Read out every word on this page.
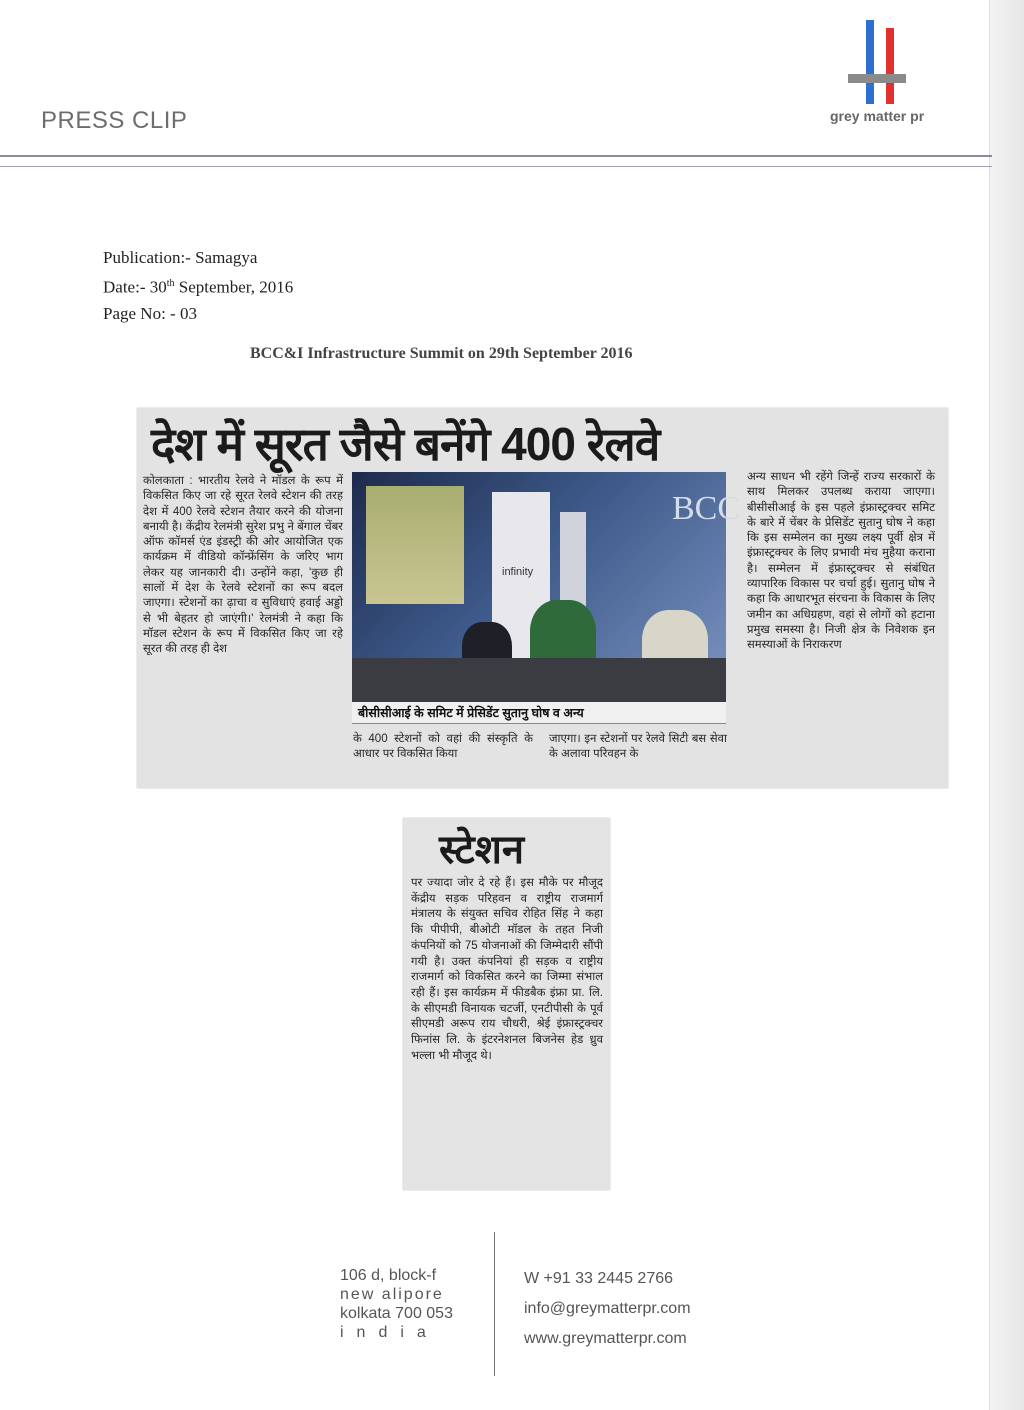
PRESS CLIP	grey matter pr
Publication:- Samagya
Date:- 30th September, 2016
Page No: - 03
BCC&I Infrastructure Summit on 29th September 2016
देश में सूरत जैसे बनेंगे 400 रेलवे
कोलकाता : भारतीय रेलवे ने मॉडल के रूप में विकसित किए जा रहे सूरत रेलवे स्टेशन की तरह देश में 400 रेलवे स्टेशन तैयार करने की योजना बनायी है। केंद्रीय रेलमंत्री सुरेश प्रभु ने बेंगाल चेंबर ऑफ कॉमर्स एंड इंडस्ट्री की ओर आयोजित एक कार्यक्रम में वीडियो कॉन्फ्रेंसिंग के जरिए भाग लेकर यह जानकारी दी। उन्होंने कहा, 'कुछ ही सालों में देश के रेलवे स्टेशनों का रूप बदल जाएगा। स्टेशनों का ढ़ाचा व सुविधाएं हवाई अड्डो से भी बेहतर हो जाएंगी।' रेलमंत्री ने कहा कि मॉडल स्टेशन के रूप में विकसित किए जा रहे सूरत की तरह ही देश
infinity
BCC
बीसीसीआई के समिट में प्रेसिडेंट सुतानु घोष व अन्य
के 400 स्टेशनों को वहां की संस्कृति के आधार पर विकसित किया
जाएगा। इन स्टेशनों पर रेलवे सिटी बस सेवा के अलावा परिवहन के
अन्य साधन भी रहेंगे जिन्हें राज्य सरकारों के साथ मिलकर उपलब्ध कराया जाएगा। बीसीसीआई के इस पहले इंफ्रास्ट्रक्चर समिट के बारे में चेंबर के प्रेसिडेंट सुतानु घोष ने कहा कि इस सम्मेलन का मुख्य लक्ष्य पूर्वी क्षेत्र में इंफ्रास्ट्रक्चर के लिए प्रभावी मंच मुहैया कराना है। सम्मेलन में इंफ्रास्ट्रक्चर से संबंधित व्यापारिक विकास पर चर्चा हुई। सुतानु घोष ने कहा कि आधारभूत संरचना के विकास के लिए जमीन का अधिग्रहण, वहां से लोगों को हटाना प्रमुख समस्या है। निजी क्षेत्र के निवेशक इन समस्याओं के निराकरण
स्टेशन
पर ज्यादा जोर दे रहे हैं। इस मौके पर मौजूद केंद्रीय सड़क परिहवन व राष्ट्रीय राजमार्ग मंत्रालय के संयुक्त सचिव रोहित सिंह ने कहा कि पीपीपी, बीओटी मॉडल के तहत निजी कंपनियों को 75 योजनाओं की जिम्मेदारी सौंपी गयी है। उक्त कंपनियां ही सड़क व राष्ट्रीय राजमार्ग को विकसित करने का जिम्मा संभाल रही हैं। इस कार्यक्रम में फीडबैक इंफ्रा प्रा. लि. के सीएमडी विनायक चटर्जी, एनटीपीसी के पूर्व सीएमडी अरूप राय चौधरी, श्रेई इंफ्रास्ट्रक्चर फिनांस लि. के इंटरनेशनल बिजनेस हेड ध्रुव भल्ला भी मौजूद थे।
106 d, block-f
new alipore
kolkata 700 053
india
W +91 33 2445 2766
info@greymatterpr.com
www.greymatterpr.com
